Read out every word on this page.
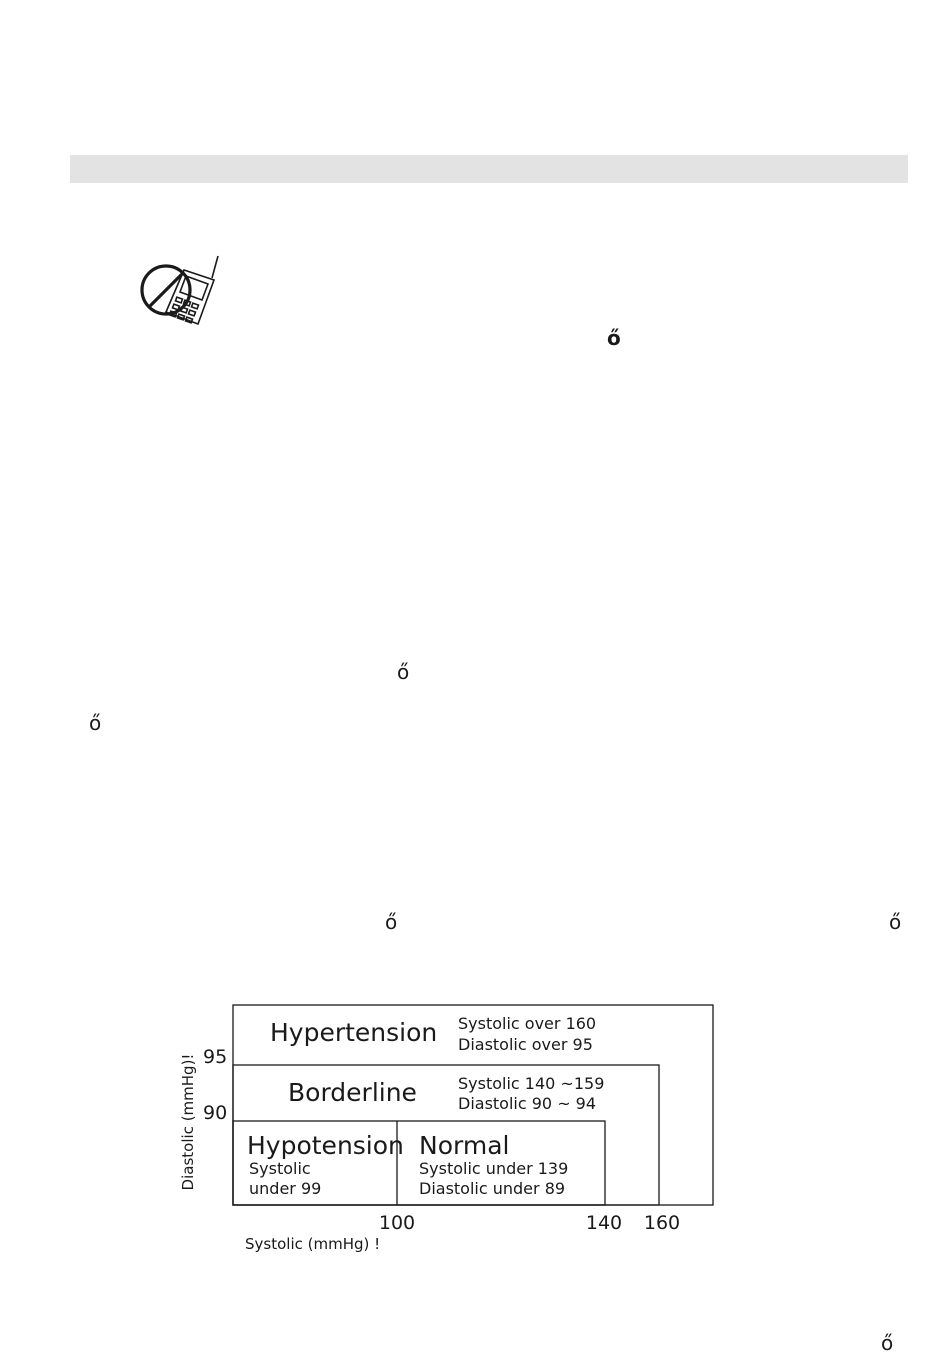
ő
ő
ő
ő	ő
ő
Hypertension Systolic over 160
Diastolic over 95
Borderline	Systolic 140 ~159
Diastolic 90 ~ 94
Hypotension
Systolic
under 99
Normal
Systolic under 139
Diastolic under 89
95
90
100	140 160
Systolic (mmHg) !
Diastolic (mmHg)!
